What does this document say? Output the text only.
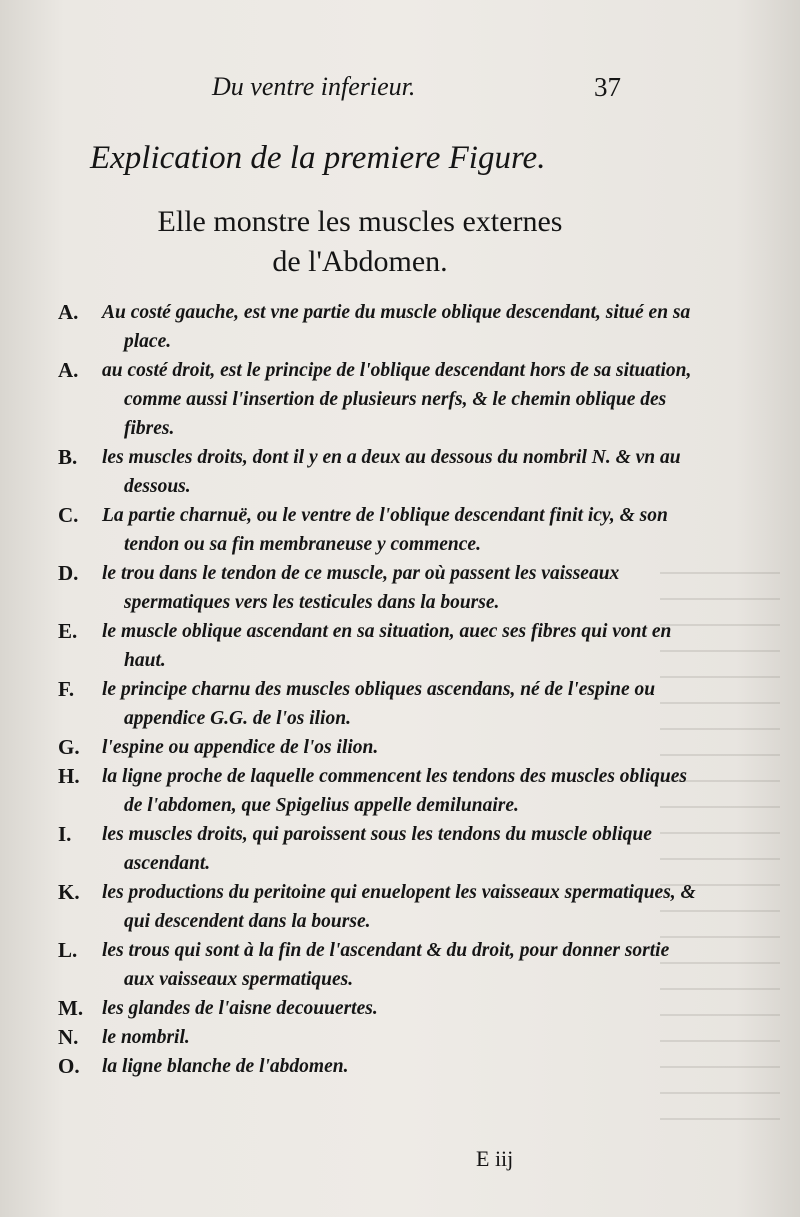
Du ventre inferieur.	37
Explication de la premiere Figure.
Elle monstre les muscles externes
de l'Abdomen.
A. Au costé gauche, est vne partie du muscle oblique descendant, situé en sa place.
A. au costé droit, est le principe de l'oblique descendant hors de sa situation, comme aussi l'insertion de plusieurs nerfs, & le chemin oblique des fibres.
B. les muscles droits, dont il y en a deux au dessous du nombril N. & vn au dessous.
C. La partie charnuë, ou le ventre de l'oblique descendant finit icy, & son tendon ou sa fin membraneuse y commence.
D. le trou dans le tendon de ce muscle, par où passent les vaisseaux spermatiques vers les testicules dans la bourse.
E. le muscle oblique ascendant en sa situation, auec ses fibres qui vont en haut.
F. le principe charnu des muscles obliques ascendans, né de l'espine ou appendice G.G. de l'os ilion.
G. l'espine ou appendice de l'os ilion.
H. la ligne proche de laquelle commencent les tendons des muscles obliques de l'abdomen, que Spigelius appelle demilunaire.
I. les muscles droits, qui paroissent sous les tendons du muscle oblique ascendant.
K. les productions du peritoine qui enuelopent les vaisseaux spermatiques, & qui descendent dans la bourse.
L. les trous qui sont à la fin de l'ascendant & du droit, pour donner sortie aux vaisseaux spermatiques.
M. les glandes de l'aisne decouuertes.
N. le nombril.
O. la ligne blanche de l'abdomen.
E iij
